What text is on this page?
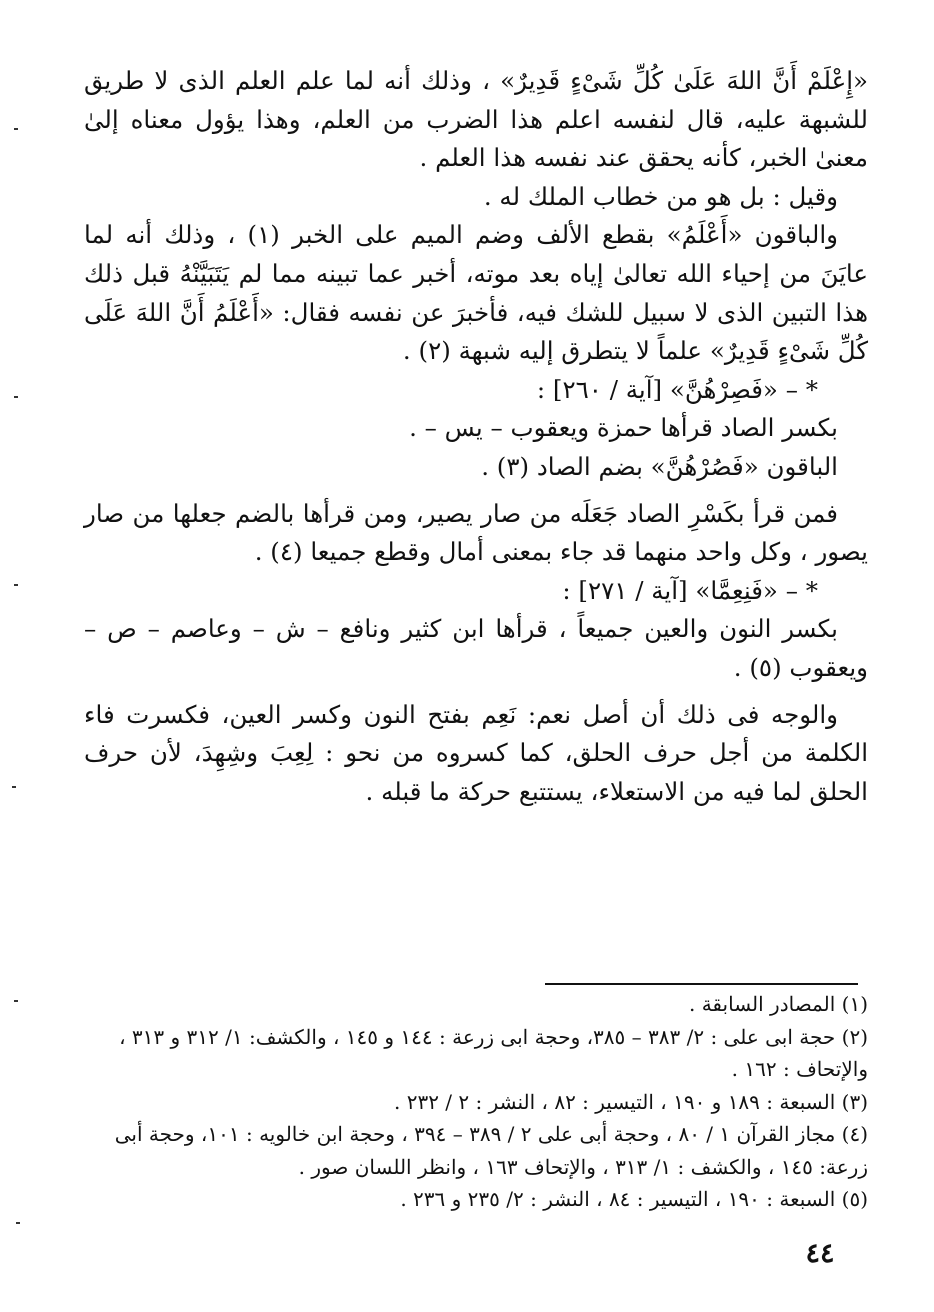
«إِعْلَمْ أَنَّ اللهَ عَلَىٰ كُلِّ شَىْءٍ قَدِيرٌ» ، وذلك أنه لما علم العلم الذى لا طريق للشبهة عليه، قال لنفسه اعلم هذا الضرب من العلم، وهذا يؤول معناه إلىٰ معنىٰ الخبر، كأنه يحقق عند نفسه هذا العلم .

وقيل : بل هو من خطاب الملك له .

والباقون «أَعْلَمُ» بقطع الألف وضم الميم على الخبر (١) ، وذلك أنه لما عايَنَ من إحياء الله تعالىٰ إياه بعد موته، أخبر عما تبينه مما لم يَتَبَيَّنْهُ قبل ذلك هذا التبين الذى لا سبيل للشك فيه، فأخبرَ عن نفسه فقال: «أَعْلَمُ أَنَّ اللهَ عَلَى كُلِّ شَىْءٍ قَدِيرٌ» علماً لا يتطرق إليه شبهة (٢) .

* – «فَصِرْهُنَّ» [آية / ٢٦٠] :

بكسر الصاد قرأها حمزة ويعقوب – يس – .

الباقون «فَصُرْهُنَّ» بضم الصاد (٣) .

فمن قرأ بكَسْرِ الصاد جَعَلَه من صار يصير، ومن قرأها بالضم جعلها من صار يصور ، وكل واحد منهما قد جاء بمعنى أمال وقطع جميعا (٤) .

* – «فَنِعِمَّا» [آية / ٢٧١] :

بكسر النون والعين جميعاً ، قرأها ابن كثير ونافع – ش – وعاصم – ص – ويعقوب (٥) .

والوجه فى ذلك أن أصل نعم: نَعِم بفتح النون وكسر العين، فكسرت فاء الكلمة من أجل حرف الحلق، كما كسروه من نحو : لِعِبَ وشِهِدَ، لأن حرف الحلق لما فيه من الاستعلاء، يستتبع حركة ما قبله .

(١) المصادر السابقة .

(٢) حجة ابى على : ٢/ ٣٨٣ – ٣٨٥، وحجة ابى زرعة : ١٤٤ و ١٤٥ ، والكشف: ١/ ٣١٢ و ٣١٣ ، والإتحاف : ١٦٢ .

(٣) السبعة : ١٨٩ و ١٩٠ ، التيسير : ٨٢ ، النشر : ٢ / ٢٣٢ .

(٤) مجاز القرآن ١ / ٨٠ ، وحجة أبى على ٢ / ٣٨٩ – ٣٩٤ ، وحجة ابن خالويه : ١٠١، وحجة أبى زرعة: ١٤٥ ، والكشف : ١/ ٣١٣ ، والإتحاف ١٦٣ ، وانظر اللسان صور .

(٥) السبعة : ١٩٠ ، التيسير : ٨٤ ، النشر : ٢/ ٢٣٥ و ٢٣٦ .

٤٤
